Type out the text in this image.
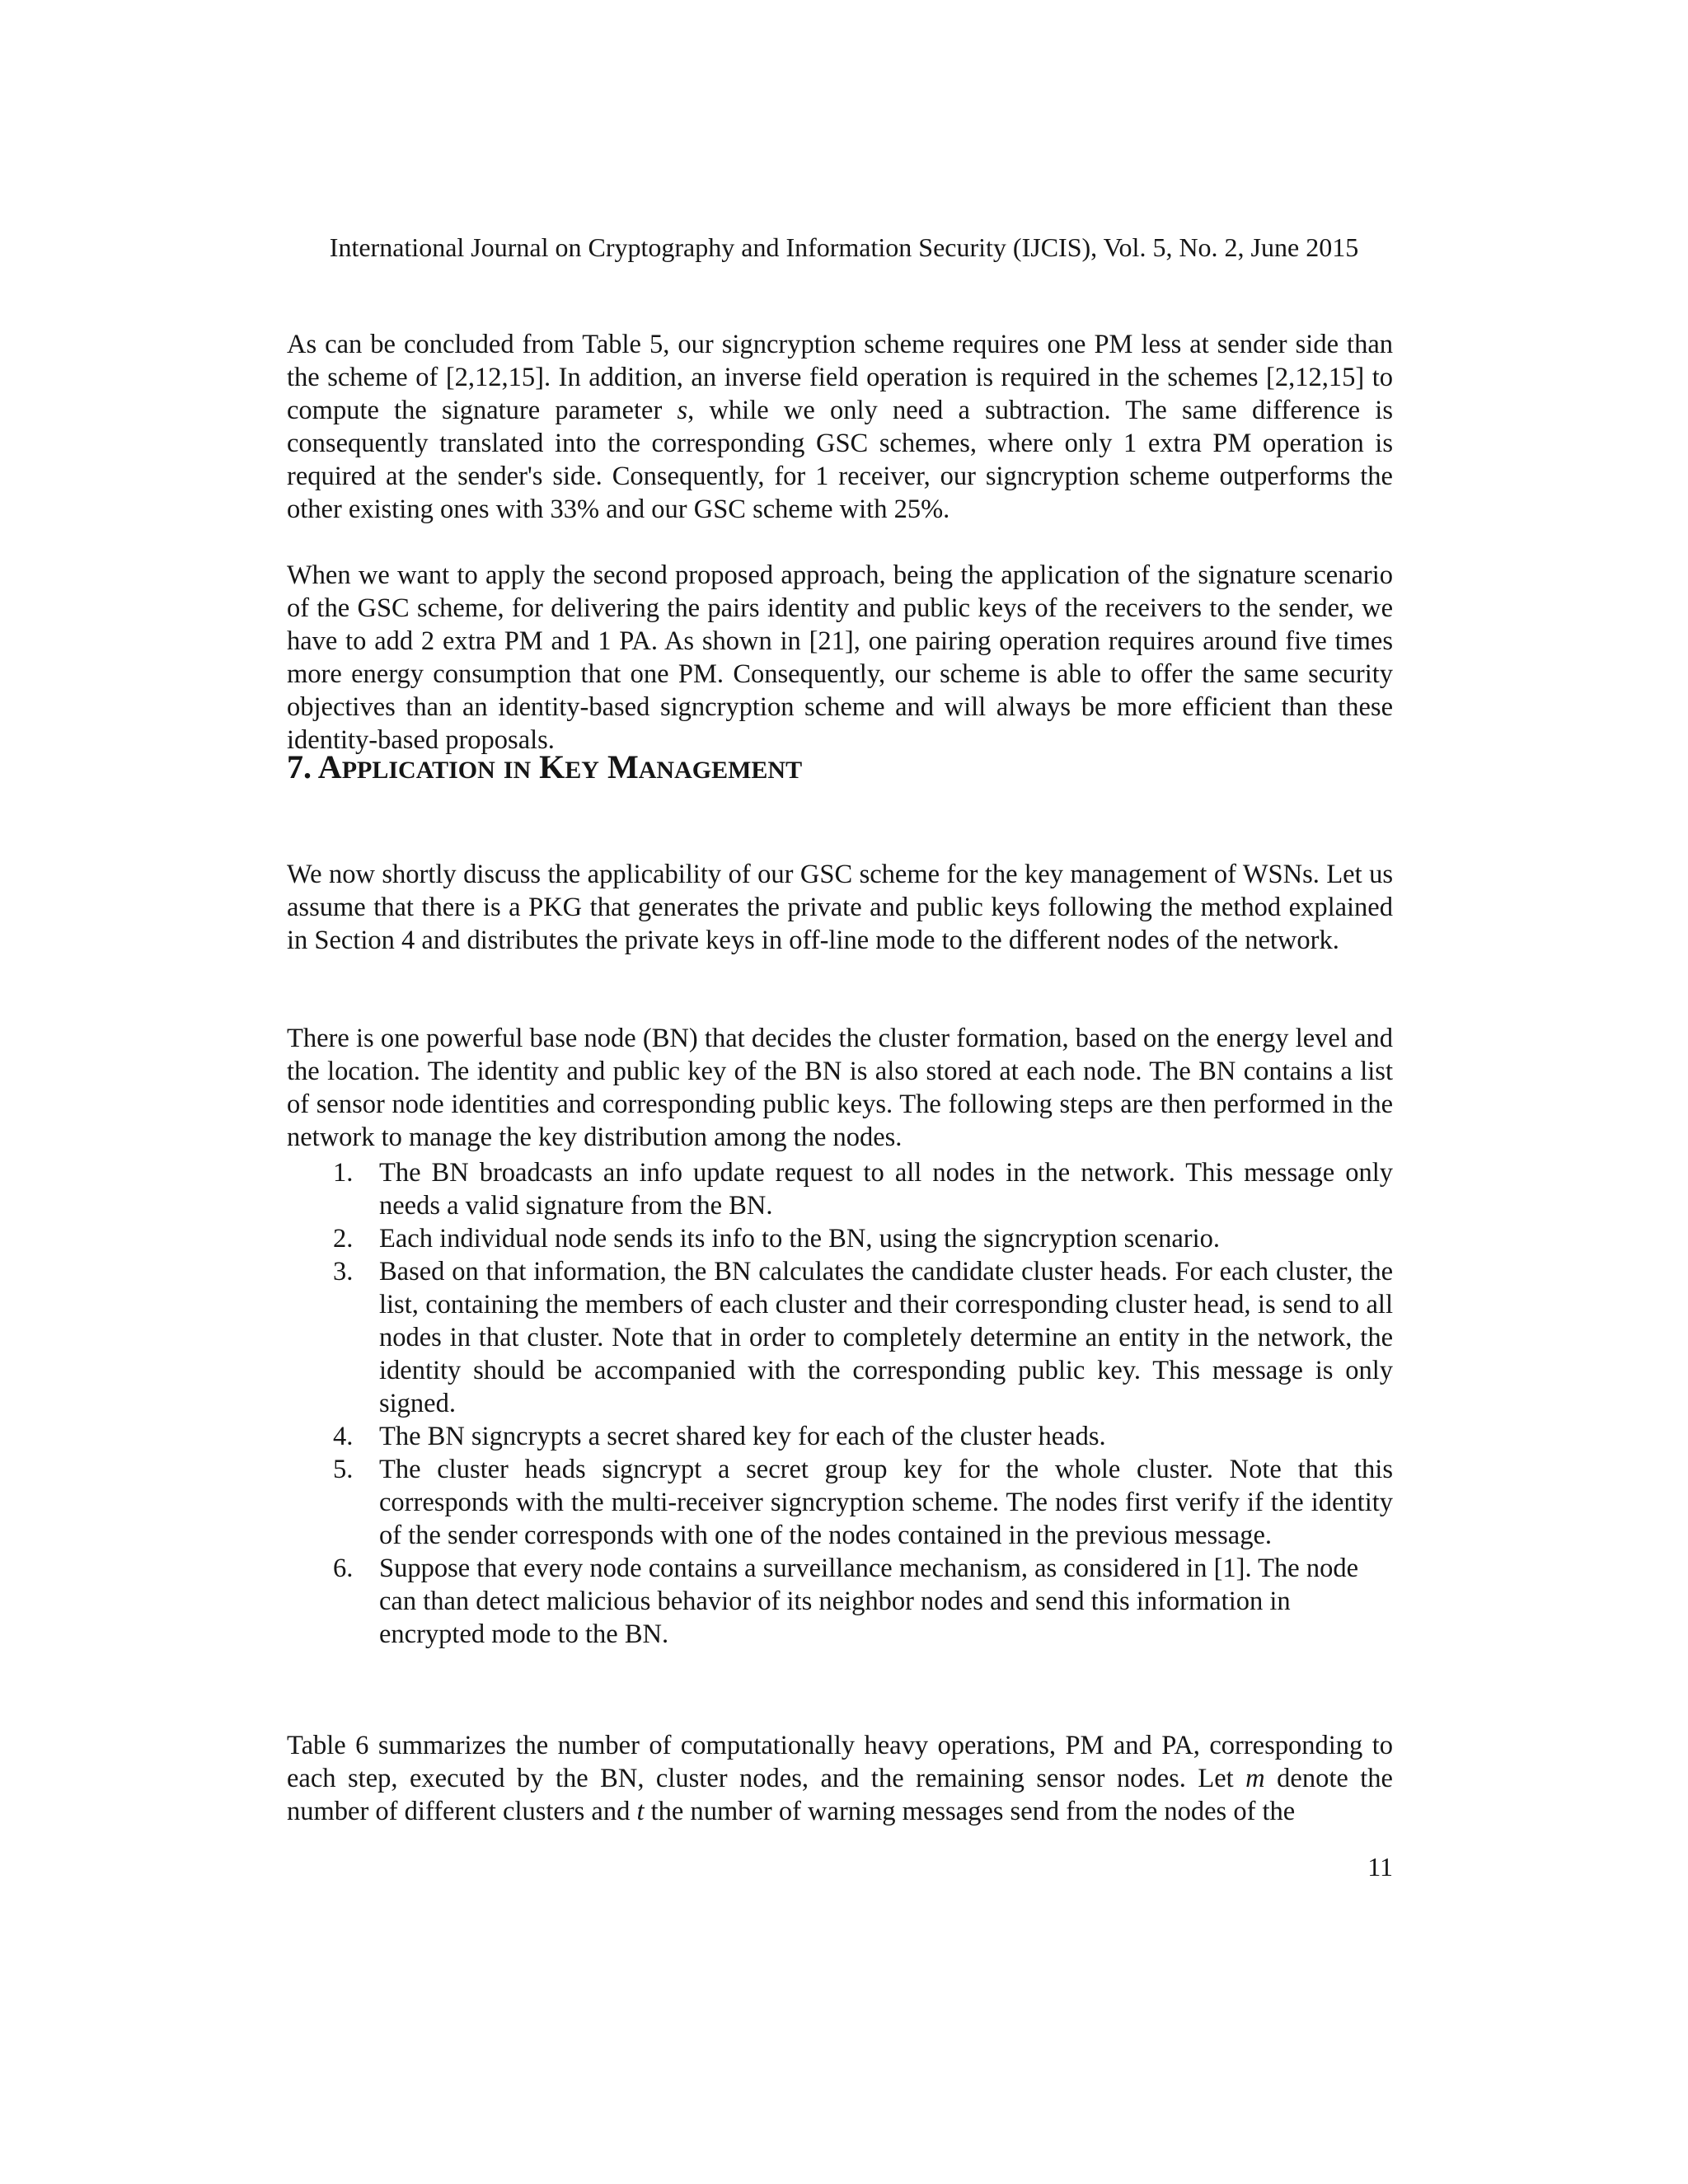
International Journal on Cryptography and Information Security (IJCIS), Vol. 5, No. 2, June 2015

As can be concluded from Table 5, our signcryption scheme requires one PM less at sender side than the scheme of [2,12,15]. In addition, an inverse field operation is required in the schemes [2,12,15] to compute the signature parameter s, while we only need a subtraction. The same difference is consequently translated into the corresponding GSC schemes, where only 1 extra PM operation is required at the sender's side. Consequently, for 1 receiver, our signcryption scheme outperforms the other existing ones with 33% and our GSC scheme with 25%.

When we want to apply the second proposed approach, being the application of the signature scenario of the GSC scheme, for delivering the pairs identity and public keys of the receivers to the sender, we have to add 2 extra PM and 1 PA. As shown in [21], one pairing operation requires around five times more energy consumption that one PM. Consequently, our scheme is able to offer the same security objectives than an identity-based signcryption scheme and will always be more efficient than these identity-based proposals.

7. APPLICATION IN KEY MANAGEMENT

We now shortly discuss the applicability of our GSC scheme for the key management of WSNs. Let us assume that there is a PKG that generates the private and public keys following the method explained in Section 4 and distributes the private keys in off-line mode to the different nodes of the network.

There is one powerful base node (BN) that decides the cluster formation, based on the energy level and the location. The identity and public key of the BN is also stored at each node. The BN contains a list of sensor node identities and corresponding public keys. The following steps are then performed in the network to manage the key distribution among the nodes.

1. The BN broadcasts an info update request to all nodes in the network. This message only needs a valid signature from the BN.
2. Each individual node sends its info to the BN, using the signcryption scenario.
3. Based on that information, the BN calculates the candidate cluster heads. For each cluster, the list, containing the members of each cluster and their corresponding cluster head, is send to all nodes in that cluster. Note that in order to completely determine an entity in the network, the identity should be accompanied with the corresponding public key. This message is only signed.
4. The BN signcrypts a secret shared key for each of the cluster heads.
5. The cluster heads signcrypt a secret group key for the whole cluster. Note that this corresponds with the multi-receiver signcryption scheme. The nodes first verify if the identity of the sender corresponds with one of the nodes contained in the previous message.
6. Suppose that every node contains a surveillance mechanism, as considered in [1]. The node can than detect malicious behavior of its neighbor nodes and send this information in encrypted mode to the BN.

Table 6 summarizes the number of computationally heavy operations, PM and PA, corresponding to each step, executed by the BN, cluster nodes, and the remaining sensor nodes. Let m denote the number of different clusters and t the number of warning messages send from the nodes of the

11
